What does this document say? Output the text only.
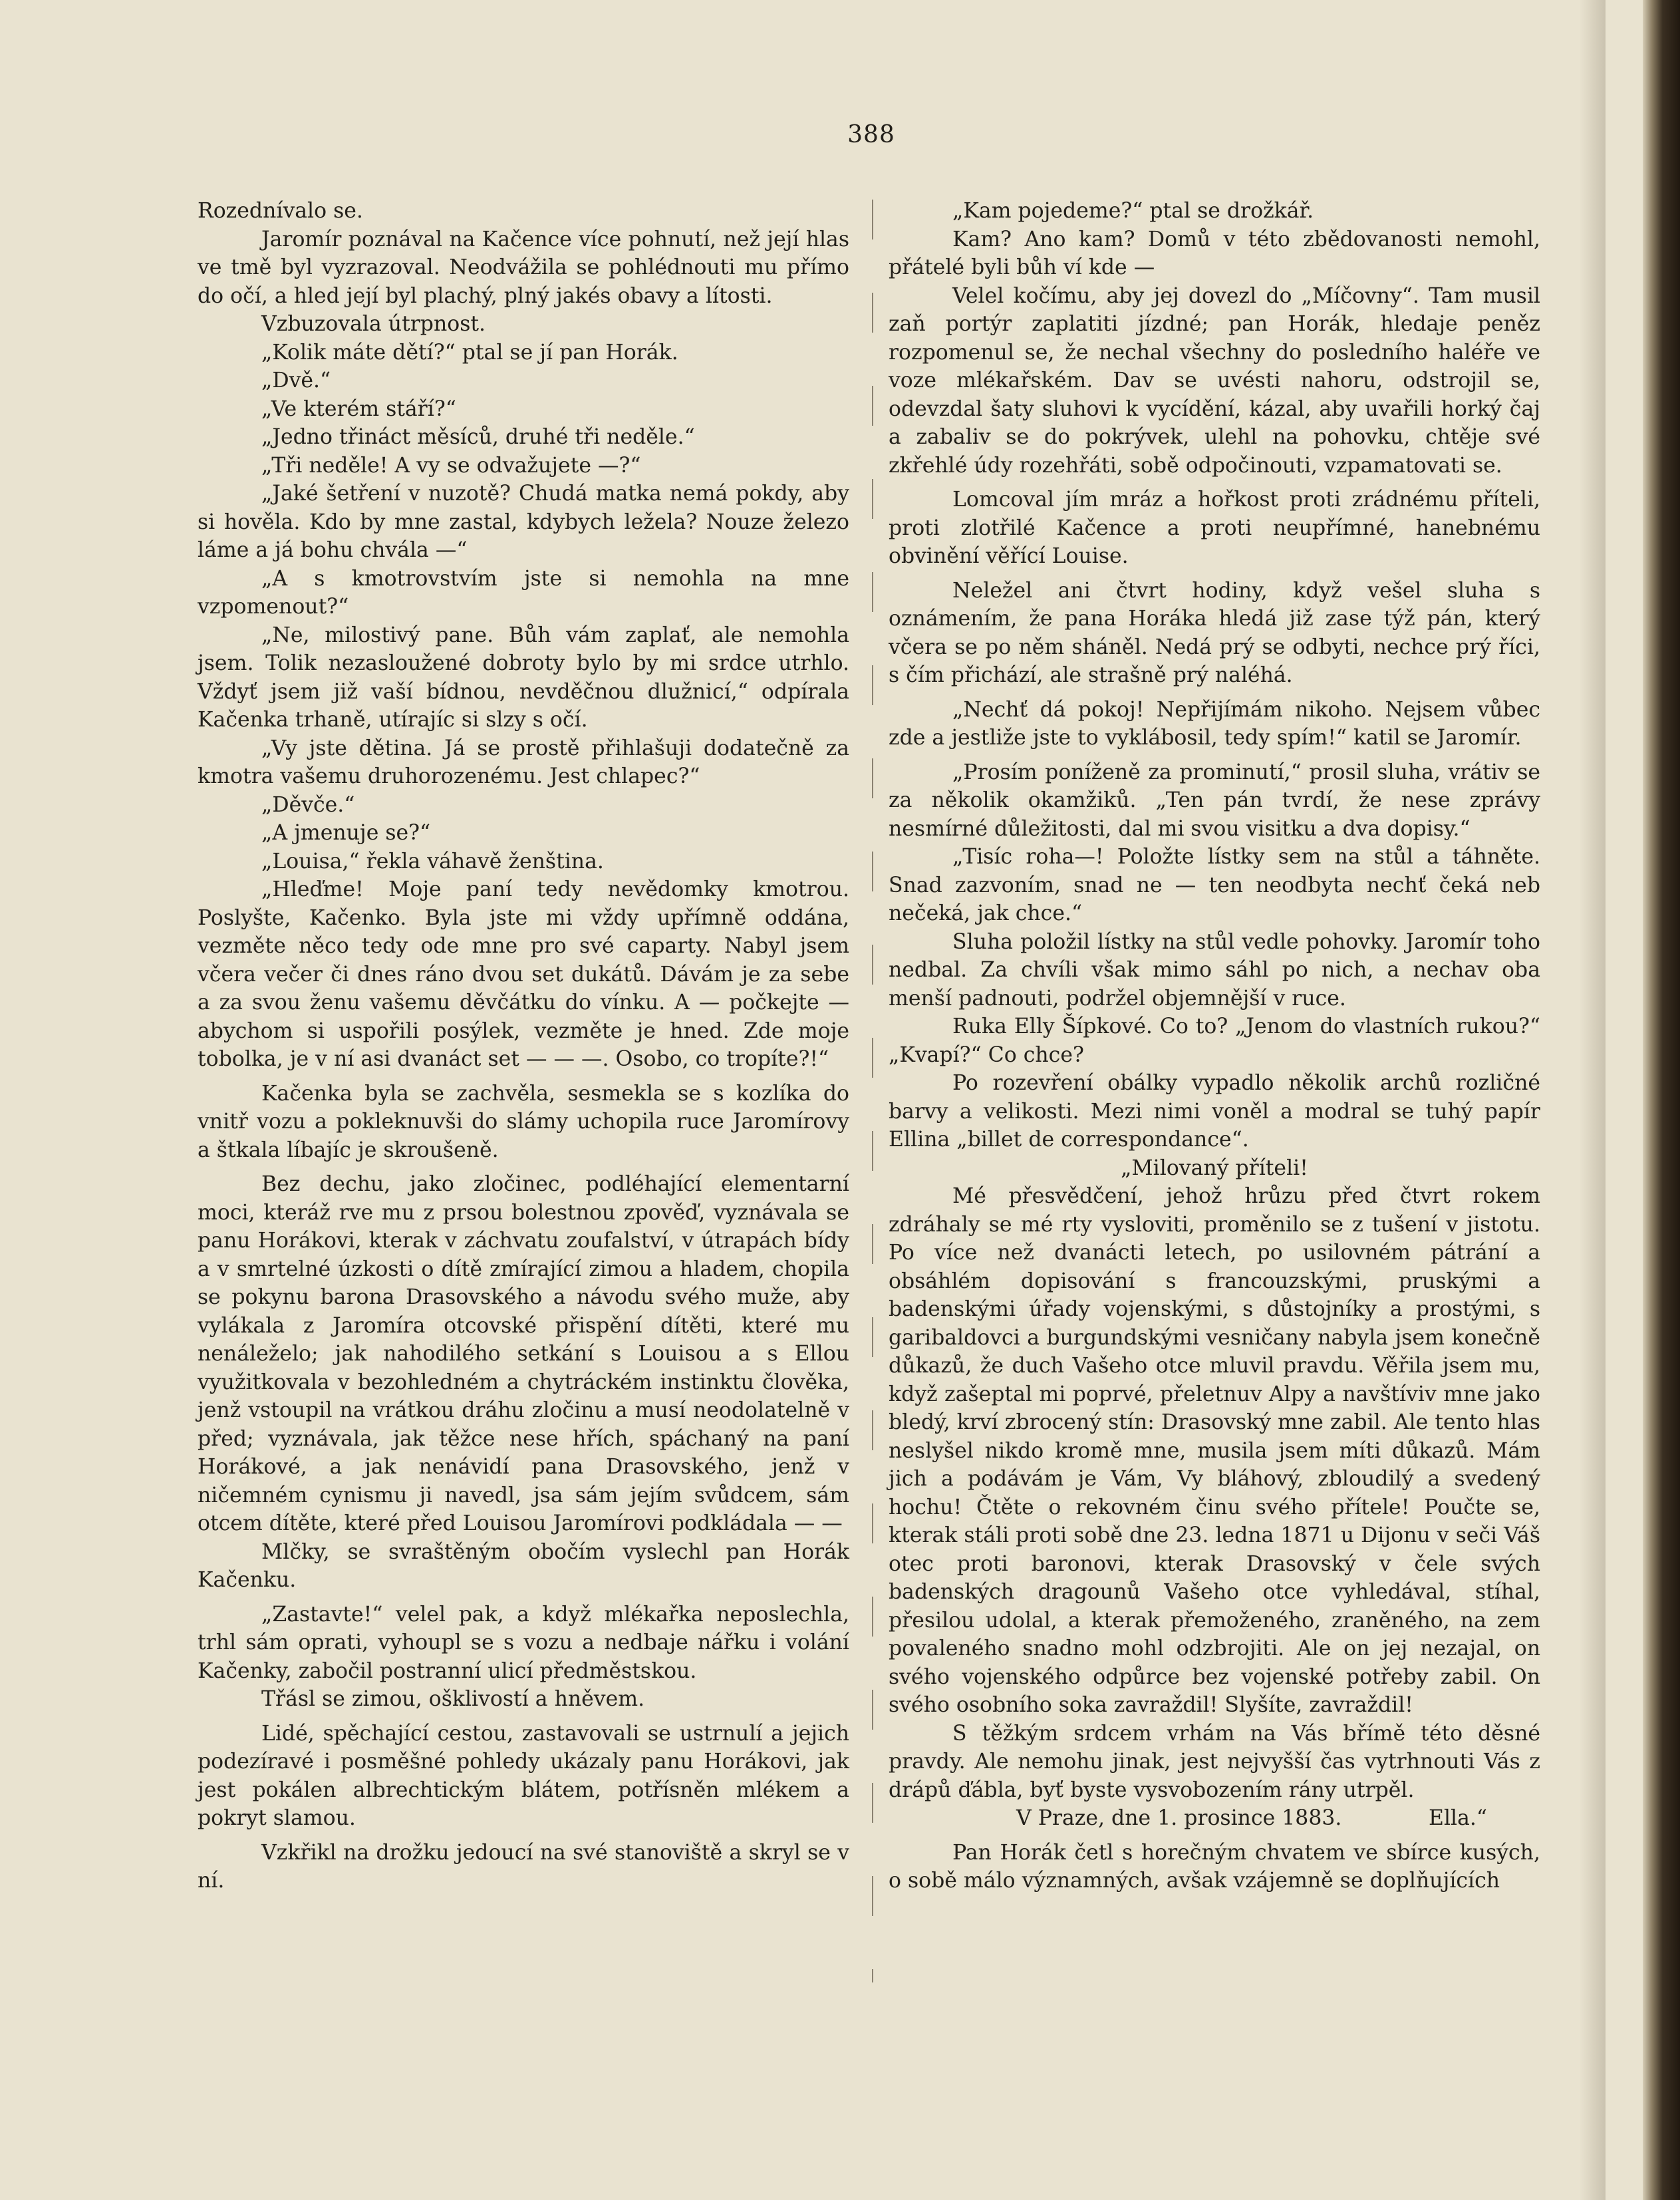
388

Rozednívalo se.

Jaromír poznával na Kačence více pohnutí, než její hlas ve tmě byl vyzrazoval. Neodvážila se pohlédnouti mu přímo do očí, a hled její byl plachý, plný jakés obavy a lítosti.

Vzbuzovala útrpnost.

„Kolik máte dětí?“ ptal se jí pan Horák.

„Dvě.“

„Ve kterém stáří?“

„Jedno třináct měsíců, druhé tři neděle.“

„Tři neděle! A vy se odvažujete —?“

„Jaké šetření v nuzotě? Chudá matka nemá pokdy, aby si hověla. Kdo by mne zastal, kdybych ležela? Nouze železo láme a já bohu chvála —“

„A s kmotrovstvím jste si nemohla na mne vzpomenout?“

„Ne, milostivý pane. Bůh vám zaplať, ale nemohla jsem. Tolik nezasloužené dobroty bylo by mi srdce utrhlo. Vždyť jsem již vaší bídnou, nevděčnou dlužnicí,“ odpírala Kačenka trhaně, utírajíc si slzy s očí.

„Vy jste dětina. Já se prostě přihlašuji dodatečně za kmotra vašemu druhorozenému. Jest chlapec?“

„Děvče.“

„A jmenuje se?“

„Louisa,“ řekla váhavě ženština.

„Hleďme! Moje paní tedy nevědomky kmotrou. Poslyšte, Kačenko. Byla jste mi vždy upřímně oddána, vezměte něco tedy ode mne pro své caparty. Nabyl jsem včera večer či dnes ráno dvou set dukátů. Dávám je za sebe a za svou ženu vašemu děvčátku do vínku. A — počkejte — abychom si uspořili posýlek, vezměte je hned. Zde moje tobolka, je v ní asi dvanáct set — — —. Osobo, co tropíte?!“

Kačenka byla se zachvěla, sesmekla se s kozlíka do vnitř vozu a pokleknuvši do slámy uchopila ruce Jaromírovy a štkala líbajíc je skroušeně.

Bez dechu, jako zločinec, podléhající elementarní moci, kteráž rve mu z prsou bolestnou zpověď, vyznávala se panu Horákovi, kterak v záchvatu zoufalství, v útrapách bídy a v smrtelné úzkosti o dítě zmírající zimou a hladem, chopila se pokynu barona Drasovského a návodu svého muže, aby vylákala z Jaromíra otcovské přispění dítěti, které mu nenáleželo; jak nahodilého setkání s Louisou a s Ellou využitkovala v bezohledném a chytráckém instinktu člověka, jenž vstoupil na vrátkou dráhu zločinu a musí neodolatelně v před; vyznávala, jak těžce nese hřích, spáchaný na paní Horákové, a jak nenávidí pana Drasovského, jenž v ničemném cynismu ji navedl, jsa sám jejím svůdcem, sám otcem dítěte, které před Louisou Jaromírovi podkládala — —

Mlčky, se svraštěným obočím vyslechl pan Horák Kačenku.

„Zastavte!“ velel pak, a když mlékařka neposlechla, trhl sám oprati, vyhoupl se s vozu a nedbaje nářku i volání Kačenky, zabočil postranní ulicí předměstskou.

Třásl se zimou, ošklivostí a hněvem.

Lidé, spěchající cestou, zastavovali se ustrnulí a jejich podezíravé i posměšné pohledy ukázaly panu Horákovi, jak jest pokálen albrechtickým blátem, potřísněn mlékem a pokryt slamou.

Vzkřikl na drožku jedoucí na své stanoviště a skryl se v ní.

„Kam pojedeme?“ ptal se drožkář.

Kam? Ano kam? Domů v této zbědovanosti nemohl, přátelé byli bůh ví kde —

Velel kočímu, aby jej dovezl do „Míčovny“. Tam musil zaň portýr zaplatiti jízdné; pan Horák, hledaje peněz rozpomenul se, že nechal všechny do posledního haléře ve voze mlékařském. Dav se uvésti nahoru, odstrojil se, odevzdal šaty sluhovi k vycídění, kázal, aby uvařili horký čaj a zabaliv se do pokrývek, ulehl na pohovku, chtěje své zkřehlé údy rozehřáti, sobě odpočinouti, vzpamatovati se.

Lomcoval jím mráz a hořkost proti zrádnému příteli, proti zlotřilé Kačence a proti neupřímné, hanebnému obvinění věřící Louise.

Neležel ani čtvrt hodiny, když vešel sluha s oznámením, že pana Horáka hledá již zase týž pán, který včera se po něm sháněl. Nedá prý se odbyti, nechce prý říci, s čím přichází, ale strašně prý naléhá.

„Nechť dá pokoj! Nepřijímám nikoho. Nejsem vůbec zde a jestliže jste to vyklábosil, tedy spím!“ katil se Jaromír.

„Prosím poníženě za prominutí,“ prosil sluha, vrátiv se za několik okamžiků. „Ten pán tvrdí, že nese zprávy nesmírné důležitosti, dal mi svou visitku a dva dopisy.“

„Tisíc roha—! Položte lístky sem na stůl a táhněte. Snad zazvoním, snad ne — ten neodbyta nechť čeká neb nečeká, jak chce.“

Sluha položil lístky na stůl vedle pohovky. Jaromír toho nedbal. Za chvíli však mimo sáhl po nich, a nechav oba menší padnouti, podržel objemnější v ruce.

Ruka Elly Šípkové. Co to? „Jenom do vlastních rukou?“ „Kvapí?“ Co chce?

Po rozevření obálky vypadlo několik archů rozličné barvy a velikosti. Mezi nimi voněl a modral se tuhý papír Ellina „billet de correspondance“.

„Milovaný příteli!

Mé přesvědčení, jehož hrůzu před čtvrt rokem zdráhaly se mé rty vysloviti, proměnilo se z tušení v jistotu. Po více než dvanácti letech, po usilovném pátrání a obsáhlém dopisování s francouzskými, pruskými a badenskými úřady vojenskými, s důstojníky a prostými, s garibaldovci a burgundskými vesničany nabyla jsem konečně důkazů, že duch Vašeho otce mluvil pravdu. Věřila jsem mu, když zašeptal mi poprvé, přeletnuv Alpy a navštíviv mne jako bledý, krví zbrocený stín: Drasovský mne zabil. Ale tento hlas neslyšel nikdo kromě mne, musila jsem míti důkazů. Mám jich a podávám je Vám, Vy bláhový, zbloudilý a svedený hochu! Čtěte o rekovném činu svého přítele! Poučte se, kterak stáli proti sobě dne 23. ledna 1871 u Dijonu v seči Váš otec proti baronovi, kterak Drasovský v čele svých badenských dragounů Vašeho otce vyhledával, stíhal, přesilou udolal, a kterak přemoženého, zraněného, na zem povaleného snadno mohl odzbrojiti. Ale on jej nezajal, on svého vojenského odpůrce bez vojenské potřeby zabil. On svého osobního soka zavraždil! Slyšíte, zavraždil!

S těžkým srdcem vrhám na Vás břímě této děsné pravdy. Ale nemohu jinak, jest nejvyšší čas vytrhnouti Vás z drápů ďábla, byť byste vysvobozením rány utrpěl.

V Praze, dne 1. prosince 1883.	Ella.“

Pan Horák četl s horečným chvatem ve sbírce kusých, o sobě málo významných, avšak vzájemně se doplňujících
